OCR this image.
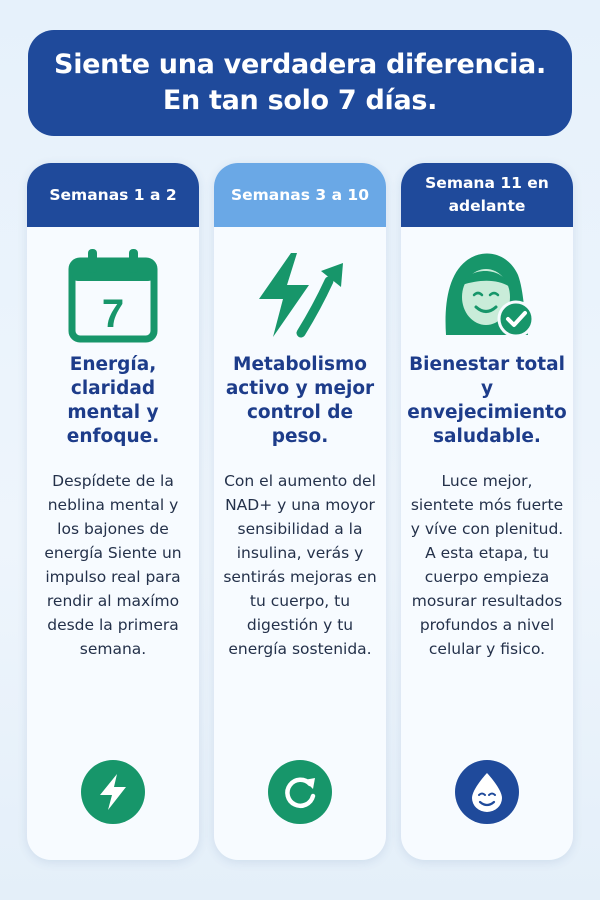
Siente una verdadera diferencia.
En tan solo 7 días.
Semanas 1 a 2
7
Energía, claridad mental y enfoque.
Despídete de la neblina mental y los bajones de energía Siente un impulso real para rendir al maxímo desde la primera semana.
Semanas 3 a 10
Metabolismo activo y mejor control de peso.
Con el aumento del NAD+ y una moyor sensibilidad a la insulina, verás y sentirás mejoras en tu cuerpo, tu digestión y tu energía sostenida.
Semana 11 en adelante
Bienestar total y envejecimiento saludable.
Luce mejor, sientete mós fuerte y víve con plenitud. A esta etapa, tu cuerpo empieza mosurar resultados profundos a nivel celular y fisico.
